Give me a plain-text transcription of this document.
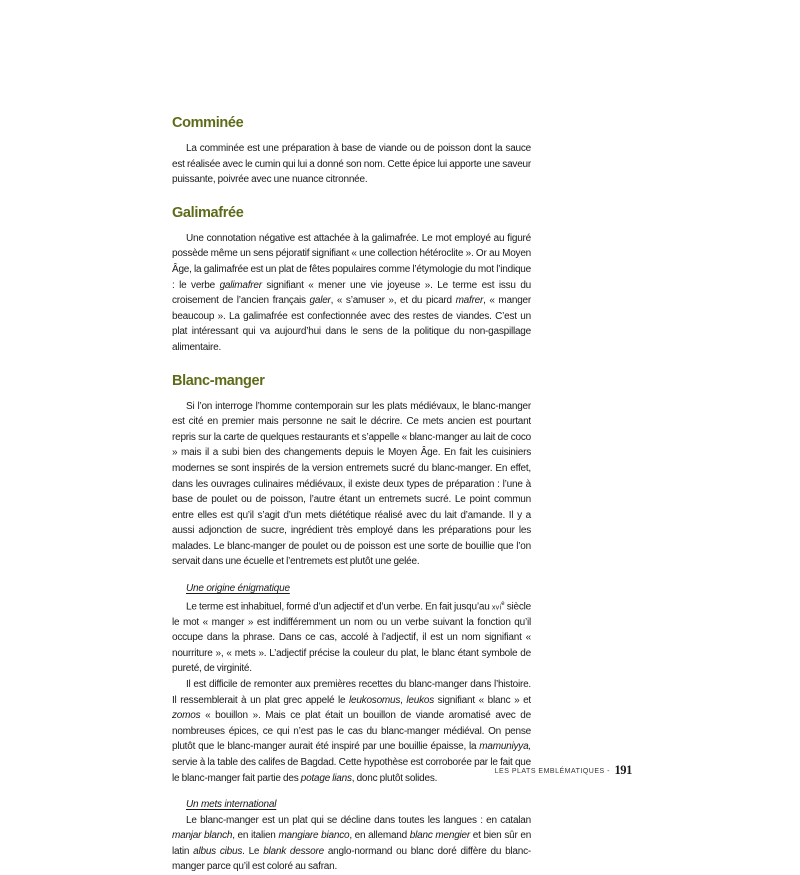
Comminée

La comminée est une préparation à base de viande ou de poisson dont la sauce est réalisée avec le cumin qui lui a donné son nom. Cette épice lui apporte une saveur puissante, poivrée avec une nuance citronnée.

Galimafrée

Une connotation négative est attachée à la galimafrée. Le mot employé au figuré possède même un sens péjoratif signifiant « une collection hétéroclite ». Or au Moyen Âge, la galimafrée est un plat de fêtes populaires comme l’étymologie du mot l’indique : le verbe galimafrer signifiant « mener une vie joyeuse ». Le terme est issu du croisement de l’ancien français galer, « s’amuser », et du picard mafrer, « manger beaucoup ». La galimafrée est confectionnée avec des restes de viandes. C’est un plat intéressant qui va aujourd’hui dans le sens de la politique du non-gaspillage alimentaire.

Blanc-manger

Si l’on interroge l’homme contemporain sur les plats médiévaux, le blanc-manger est cité en premier mais personne ne sait le décrire. Ce mets ancien est pourtant repris sur la carte de quelques restaurants et s’appelle « blanc-manger au lait de coco » mais il a subi bien des changements depuis le Moyen Âge. En fait les cuisiniers modernes se sont inspirés de la version entremets sucré du blanc-manger. En effet, dans les ouvrages culinaires médiévaux, il existe deux types de préparation : l’une à base de poulet ou de poisson, l’autre étant un entremets sucré. Le point commun entre elles est qu’il s’agit d’un mets diététique réalisé avec du lait d’amande. Il y a aussi adjonction de sucre, ingrédient très employé dans les préparations pour les malades. Le blanc-manger de poulet ou de poisson est une sorte de bouillie que l’on servait dans une écuelle et l’entremets est plutôt une gelée.

Une origine énigmatique

Le terme est inhabituel, formé d’un adjectif et d’un verbe. En fait jusqu’au xvi$^e$ siècle le mot « manger » est indifféremment un nom ou un verbe suivant la fonction qu’il occupe dans la phrase. Dans ce cas, accolé à l’adjectif, il est un nom signifiant « nourriture », « mets ». L’adjectif précise la couleur du plat, le blanc étant symbole de pureté, de virginité.

Il est difficile de remonter aux premières recettes du blanc-manger dans l’histoire. Il ressemblerait à un plat grec appelé le leukosomus, leukos signifiant « blanc » et zomos « bouillon ». Mais ce plat était un bouillon de viande aromatisé avec de nombreuses épices, ce qui n’est pas le cas du blanc-manger médiéval. On pense plutôt que le blanc-manger aurait été inspiré par une bouillie épaisse, la mamuniyya, servie à la table des califes de Bagdad. Cette hypothèse est corroborée par le fait que le blanc-manger fait partie des potage lians, donc plutôt solides.

Un mets international

Le blanc-manger est un plat qui se décline dans toutes les langues : en catalan manjar blanch, en italien mangiare bianco, en allemand blanc mengier et bien sûr en latin albus cibus. Le blank dessore anglo-normand ou blanc doré diffère du blanc-manger parce qu’il est coloré au safran.

LES PLATS EMBLÉMATIQUES - 191
